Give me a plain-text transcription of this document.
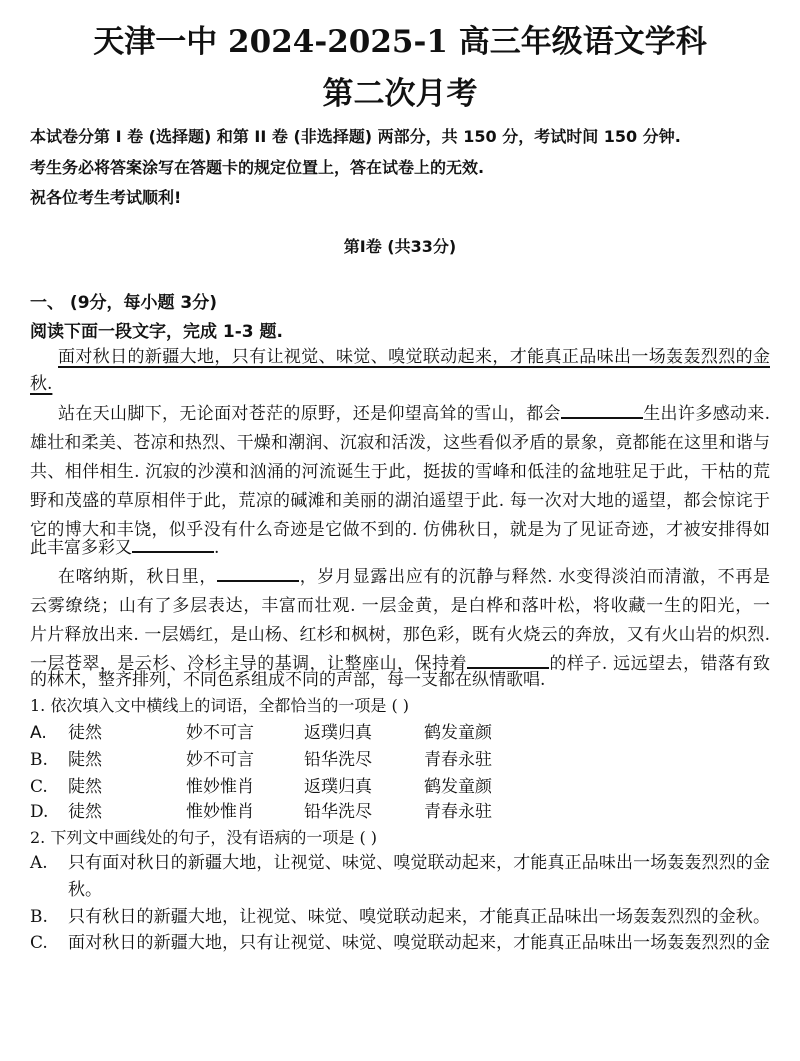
天津一中 2024-2025-1 高三年级语文学科
第二次月考
本试卷分第 I 卷 (选择题) 和第 II 卷 (非选择题) 两部分，共 150 分，考试时间 150 分钟.
考生务必将答案涂写在答题卡的规定位置上，答在试卷上的无效.
祝各位考生考试顺利!
第I卷 (共33分)
一、 (9分，每小题 3分)
阅读下面一段文字，完成 1-3 题.
面对秋日的新疆大地，只有让视觉、味觉、嗅觉联动起来，才能真正品味出一场轰轰烈烈的金
秋.
站在天山脚下，无论面对苍茫的原野，还是仰望高耸的雪山，都会	生出许多感动来.
雄壮和柔美、苍凉和热烈、干燥和潮润、沉寂和活泼，这些看似矛盾的景象，竟都能在这里和谐与
共、相伴相生. 沉寂的沙漠和汹涌的河流诞生于此，挺拔的雪峰和低洼的盆地驻足于此，干枯的荒
野和茂盛的草原相伴于此，荒凉的碱滩和美丽的湖泊遥望于此. 每一次对大地的遥望，都会惊诧于
它的博大和丰饶，似乎没有什么奇迹是它做不到的. 仿佛秋日，就是为了见证奇迹，才被安排得如
此丰富多彩又	.
在喀纳斯，秋日里，	，岁月显露出应有的沉静与释然. 水变得淡泊而清澈，不再是
云雾缭绕；山有了多层表达，丰富而壮观. 一层金黄，是白桦和落叶松，将收藏一生的阳光，一
片片释放出来. 一层嫣红，是山杨、红杉和枫树，那色彩，既有火烧云的奔放，又有火山岩的炽烈.
一层苍翠，是云杉、冷杉主导的基调，让整座山，保持着	的样子. 远远望去，错落有致
的林木，整齐排列，不同色系组成不同的声部，每一支都在纵情歌唱.
1. 依次填入文中横线上的词语，全都恰当的一项是 ( )
A.	徒然	妙不可言	返璞归真	鹤发童颜
B.	陡然	妙不可言	铅华洗尽	青春永驻
C.	陡然	惟妙惟肖	返璞归真	鹤发童颜
D.	徒然	惟妙惟肖	铅华洗尽	青春永驻
2. 下列文中画线处的句子，没有语病的一项是 ( )
A.	只有面对秋日的新疆大地，让视觉、味觉、嗅觉联动起来，才能真正品味出一场轰轰烈烈的金
秋。
B.	只有秋日的新疆大地，让视觉、味觉、嗅觉联动起来，才能真正品味出一场轰轰烈烈的金秋。
C.	面对秋日的新疆大地，只有让视觉、味觉、嗅觉联动起来，才能真正品味出一场轰轰烈烈的金
